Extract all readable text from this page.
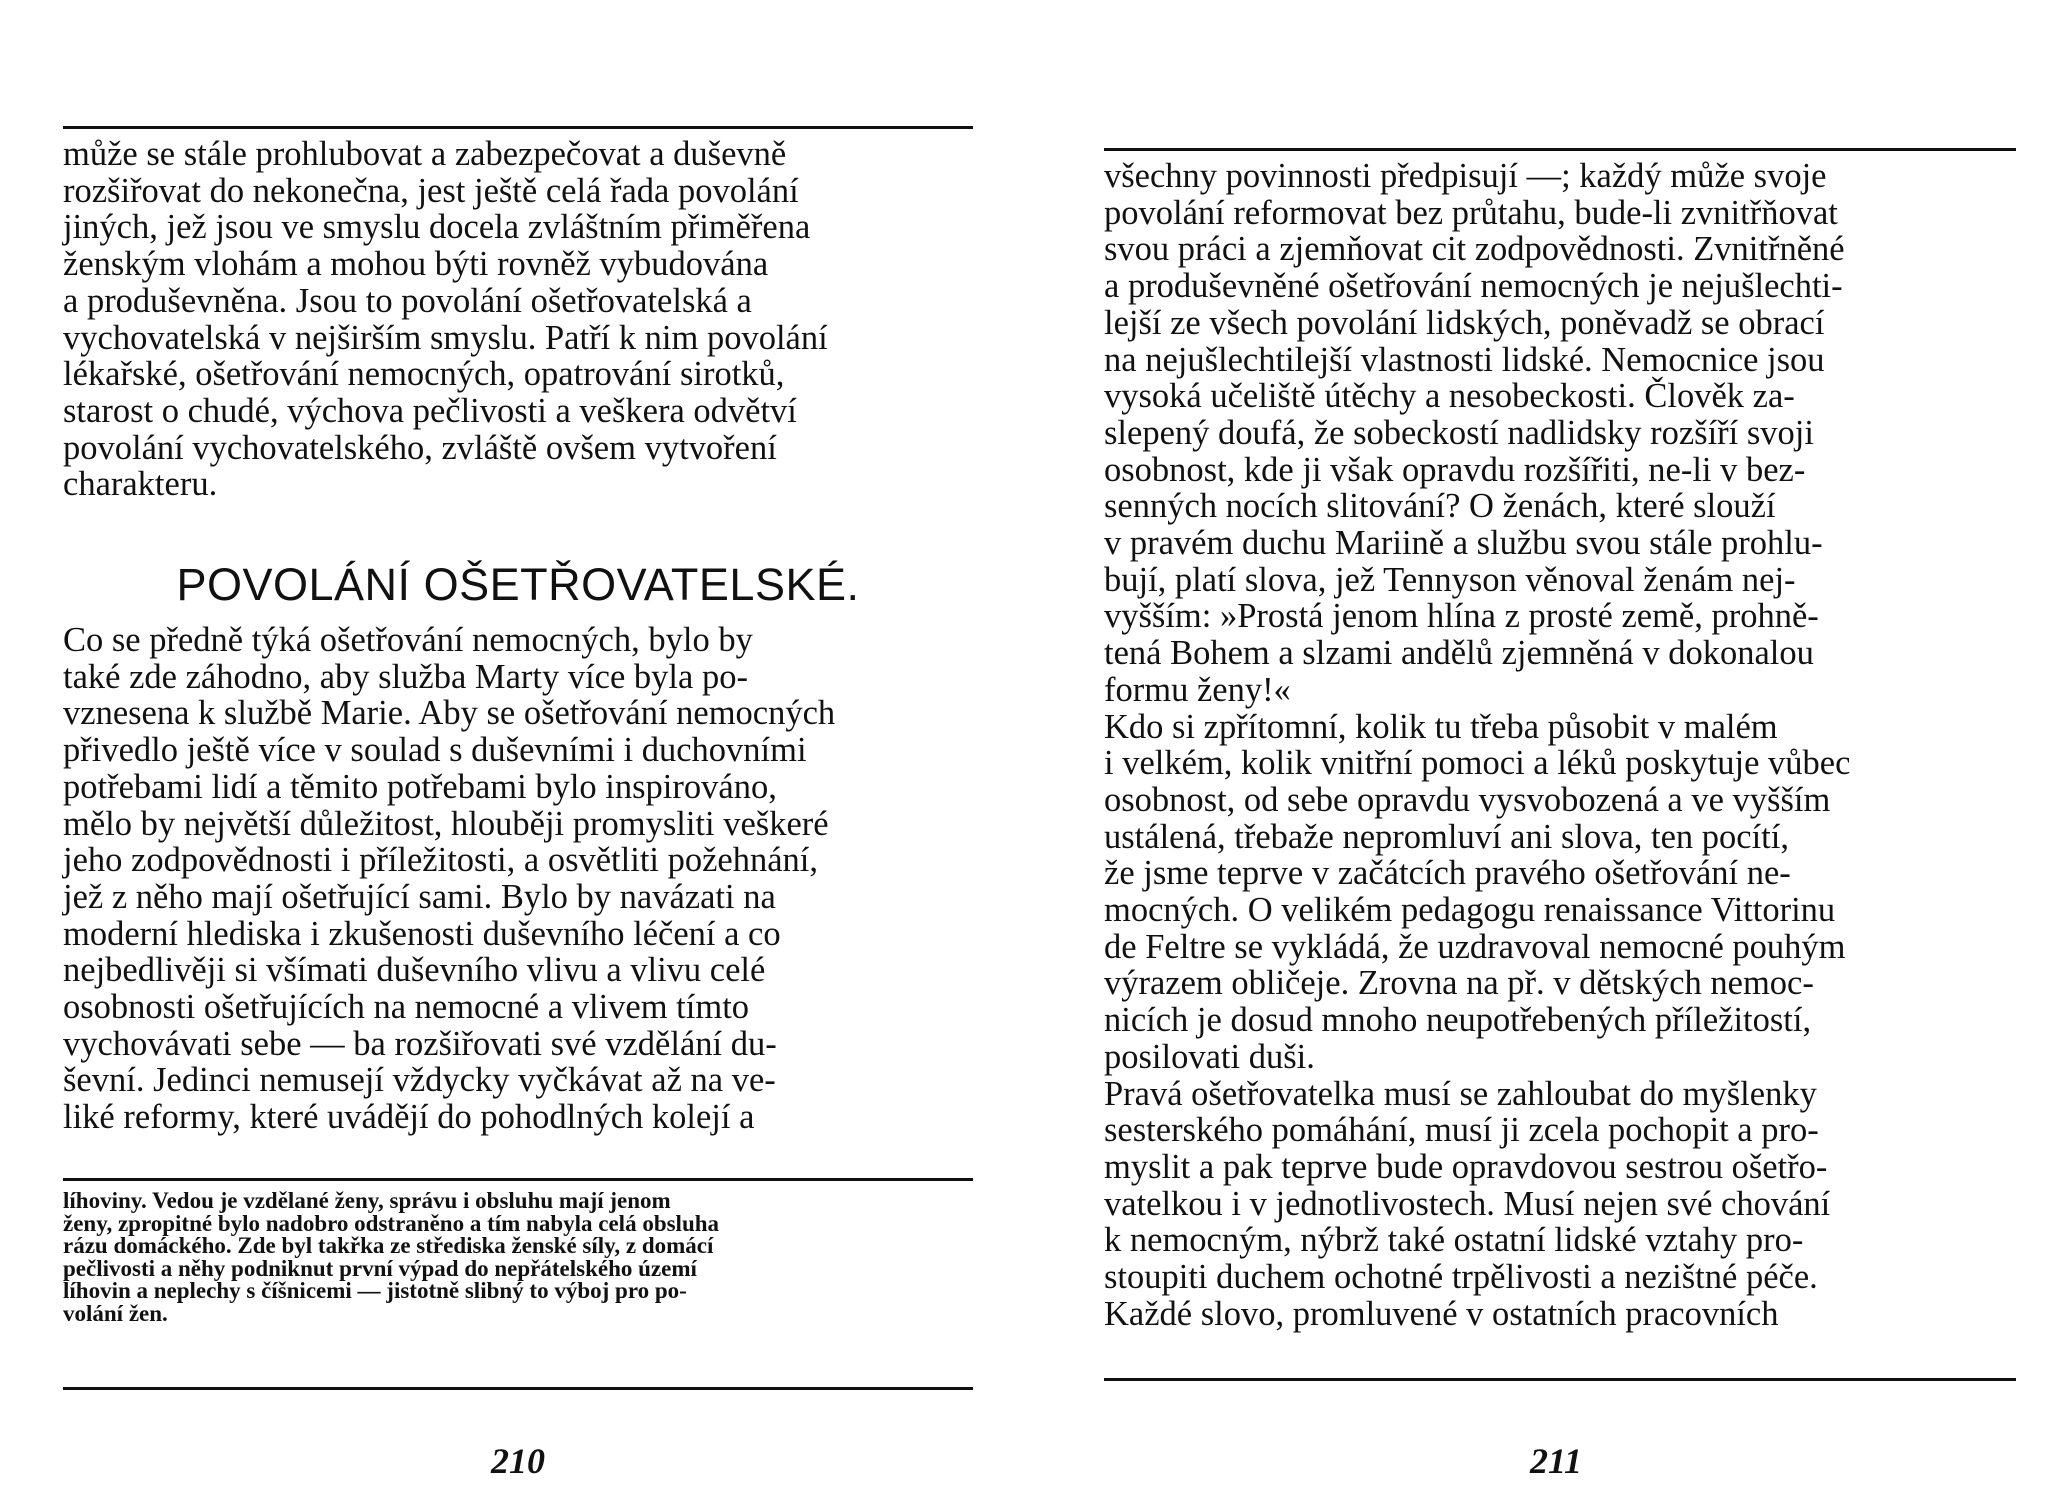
může se stále prohlubovat a zabezpečovat a duševně
rozšiřovat do nekonečna, jest ještě celá řada povolání
jiných, jež jsou ve smyslu docela zvláštním přiměřena
ženským vlohám a mohou býti rovněž vybudována
a produševněna. Jsou to povolání ošetřovatelská a
vychovatelská v nejširším smyslu. Patří k nim povolání
lékařské, ošetřování nemocných, opatrování sirotků,
starost o chudé, výchova pečlivosti a veškera odvětví
povolání vychovatelského, zvláště ovšem vytvoření
charakteru.

POVOLÁNÍ OŠETŘOVATELSKÉ.

Co se předně týká ošetřování nemocných, bylo by
také zde záhodno, aby služba Marty více byla po-
vznesena k službě Marie. Aby se ošetřování nemocných
přivedlo ještě více v soulad s duševními i duchovními
potřebami lidí a těmito potřebami bylo inspirováno,
mělo by největší důležitost, hlouběji promysliti veškeré
jeho zodpovědnosti i příležitosti, a osvětliti požehnání,
jež z něho mají ošetřující sami. Bylo by navázati na
moderní hlediska i zkušenosti duševního léčení a co
nejbedlivěji si všímati duševního vlivu a vlivu celé
osobnosti ošetřujících na nemocné a vlivem tímto
vychovávati sebe — ba rozšiřovati své vzdělání du-
ševní. Jedinci nemusejí vždycky vyčkávat až na ve-
liké reformy, které uvádějí do pohodlných kolejí a

líhoviny. Vedou je vzdělané ženy, správu i obsluhu mají jenom
ženy, zpropitné bylo nadobro odstraněno a tím nabyla celá obsluha
rázu domáckého. Zde byl takřka ze střediska ženské síly, z domácí
pečlivosti a něhy podniknut první výpad do nepřátelského území
líhovin a neplechy s číšnicemi — jistotně slibný to výboj pro po-
volání žen.
210

všechny povinnosti předpisují —; každý může svoje
povolání reformovat bez průtahu, bude-li zvnitřňovat
svou práci a zjemňovat cit zodpovědnosti. Zvnitřněné
a produševněné ošetřování nemocných je nejušlechti-
lejší ze všech povolání lidských, poněvadž se obrací
na nejušlechtilejší vlastnosti lidské. Nemocnice jsou
vysoká učeliště útěchy a nesobeckosti. Člověk za-
slepený doufá, že sobeckostí nadlidsky rozšíří svoji
osobnost, kde ji však opravdu rozšířiti, ne-li v bez-
senných nocích slitování? O ženách, které slouží
v pravém duchu Mariině a službu svou stále prohlu-
bují, platí slova, jež Tennyson věnoval ženám nej-
vyšším: »Prostá jenom hlína z prosté země, prohně-
tená Bohem a slzami andělů zjemněná v dokonalou
formu ženy!«

Kdo si zpřítomní, kolik tu třeba působit v malém
i velkém, kolik vnitřní pomoci a léků poskytuje vůbec
osobnost, od sebe opravdu vysvobozená a ve vyšším
ustálená, třebaže nepromluví ani slova, ten pocítí,
že jsme teprve v začátcích pravého ošetřování ne-
mocných. O velikém pedagogu renaissance Vittorinu
de Feltre se vykládá, že uzdravoval nemocné pouhým
výrazem obličeje. Zrovna na př. v dětských nemoc-
nicích je dosud mnoho neupotřebených příležitostí,
posilovati duši.

Pravá ošetřovatelka musí se zahloubat do myšlenky
sesterského pomáhání, musí ji zcela pochopit a pro-
myslit a pak teprve bude opravdovou sestrou ošetřo-
vatelkou i v jednotlivostech. Musí nejen své chování
k nemocným, nýbrž také ostatní lidské vztahy pro-
stoupiti duchem ochotné trpělivosti a nezištné péče.
Každé slovo, promluvené v ostatních pracovních

211
